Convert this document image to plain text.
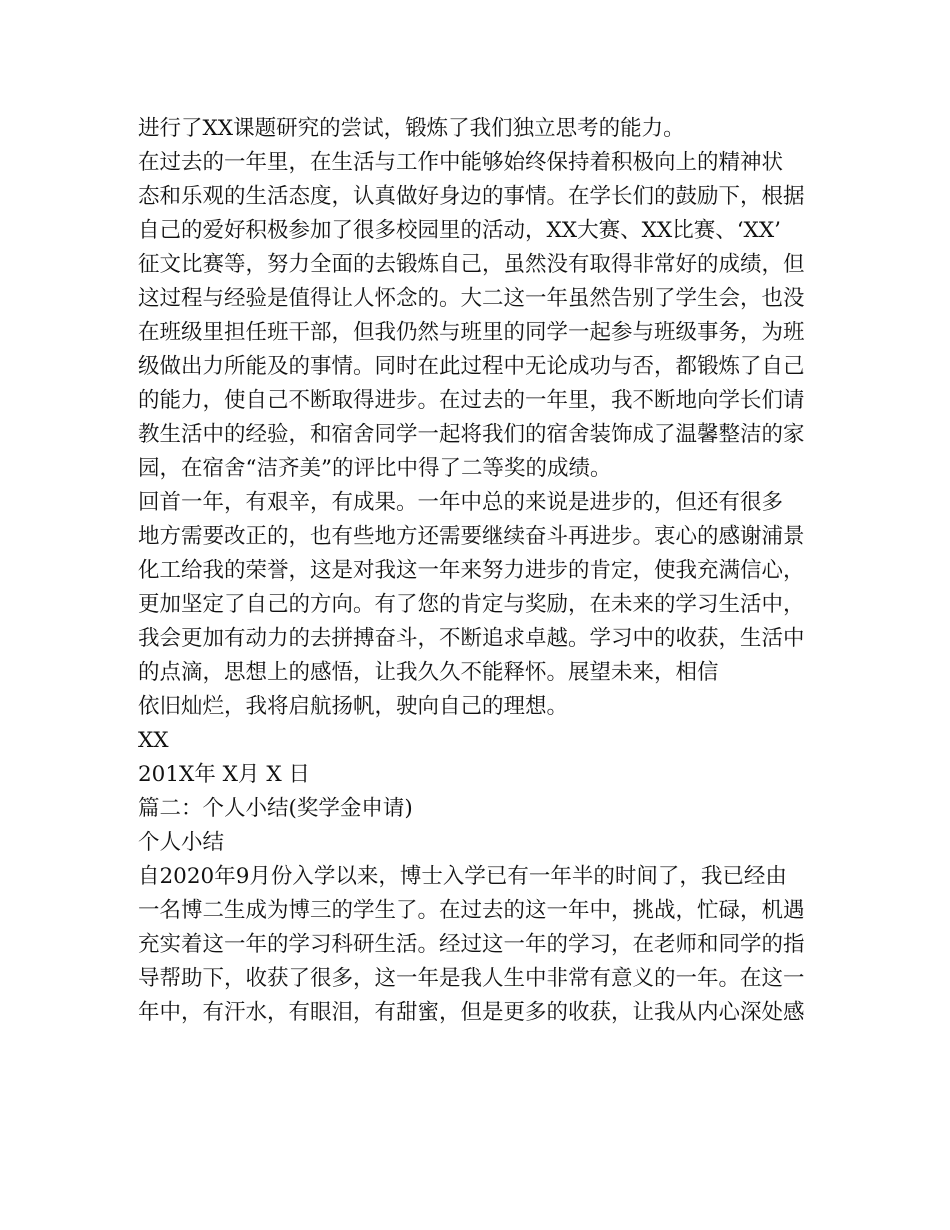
进行了XX课题研究的尝试，锻炼了我们独立思考的能力。
在过去的一年里，在生活与工作中能够始终保持着积极向上的精神状
态和乐观的生活态度，认真做好身边的事情。在学长们的鼓励下，根据
自己的爱好积极参加了很多校园里的活动，XX大赛、XX比赛、‘XX’
征文比赛等，努力全面的去锻炼自己，虽然没有取得非常好的成绩，但
这过程与经验是值得让人怀念的。大二这一年虽然告别了学生会，也没
在班级里担任班干部，但我仍然与班里的同学一起参与班级事务，为班
级做出力所能及的事情。同时在此过程中无论成功与否，都锻炼了自己
的能力，使自己不断取得进步。在过去的一年里，我不断地向学长们请
教生活中的经验，和宿舍同学一起将我们的宿舍装饰成了温馨整洁的家
园，在宿舍“洁齐美”的评比中得了二等奖的成绩。
回首一年，有艰辛，有成果。一年中总的来说是进步的，但还有很多
地方需要改正的，也有些地方还需要继续奋斗再进步。衷心的感谢浦景
化工给我的荣誉，这是对我这一年来努力进步的肯定，使我充满信心，
更加坚定了自己的方向。有了您的肯定与奖励，在未来的学习生活中，
我会更加有动力的去拼搏奋斗，不断追求卓越。学习中的收获，生活中
的点滴，思想上的感悟，让我久久不能释怀。展望未来，相信
依旧灿烂，我将启航扬帆，驶向自己的理想。
XX
201X年 X月 X 日
篇二：个人小结(奖学金申请)
个人小结
自2020年9月份入学以来，博士入学已有一年半的时间了，我已经由
一名博二生成为博三的学生了。在过去的这一年中，挑战，忙碌，机遇
充实着这一年的学习科研生活。经过这一年的学习，在老师和同学的指
导帮助下，收获了很多，这一年是我人生中非常有意义的一年。在这一
年中，有汗水，有眼泪，有甜蜜，但是更多的收获，让我从内心深处感
